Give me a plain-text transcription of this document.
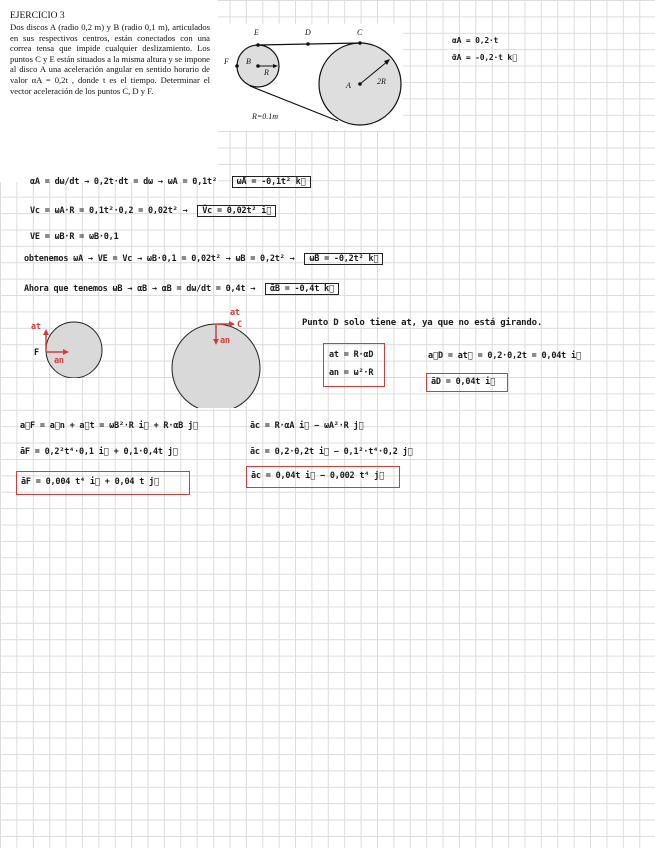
EJERCICIO 3

Dos discos A (radio 0,2 m) y B (radio 0,1 m), articulados en sus respectivos centros, están conectados con una correa tensa que impide cualquier deslizamiento. Los puntos C y E están situados a la misma altura y se impone al disco A una aceleración angular en sentido horario de valor αA = 0,2t , donde t es el tiempo. Determinar el vector aceleración de los puntos C, D y F.

E	D	C
F B
R
A	2R
R=0.1m
αA = 0,2·t
ᾱA = -0,2·t k⃗
αA = dω/dt → 0,2t·dt = dω → ωA = 0,1t² ω̄A = -0,1t² k⃗
Vc = ωA·R = 0,1t²·0,2 = 0,02t² → V̄c = 0,02t² i⃗
VE = ωB·R = ωB·0,1
obtenemos ωA → VE = Vc → ωB·0,1 = 0,02t² → ωB = 0,2t² → ω̄B = -0,2t² k⃗
Ahora que tenemos ωB → αB → αB = dω/dt = 0,4t → ᾱB = -0,4t k⃗
at
F
an
at
C
an
Punto D solo tiene at, ya que no está girando.
at = R·αD
an = ω²·R
a⃗D = at⃗ = 0,2·0,2t = 0,04t i⃗
āD = 0,04t i⃗
a⃗F = a⃗n + a⃗t = ωB²·R i⃗ + R·αB j⃗
āF = 0,2²t⁴·0,1 i⃗ + 0,1·0,4t j⃗
āF = 0,004 t⁴ i⃗ + 0,04 t j⃗
āc = R·αA i⃗ − ωA²·R j⃗
āc = 0,2·0,2t i⃗ − 0,1²·t⁴·0,2 j⃗
āc = 0,04t i⃗ − 0,002 t⁴ j⃗
